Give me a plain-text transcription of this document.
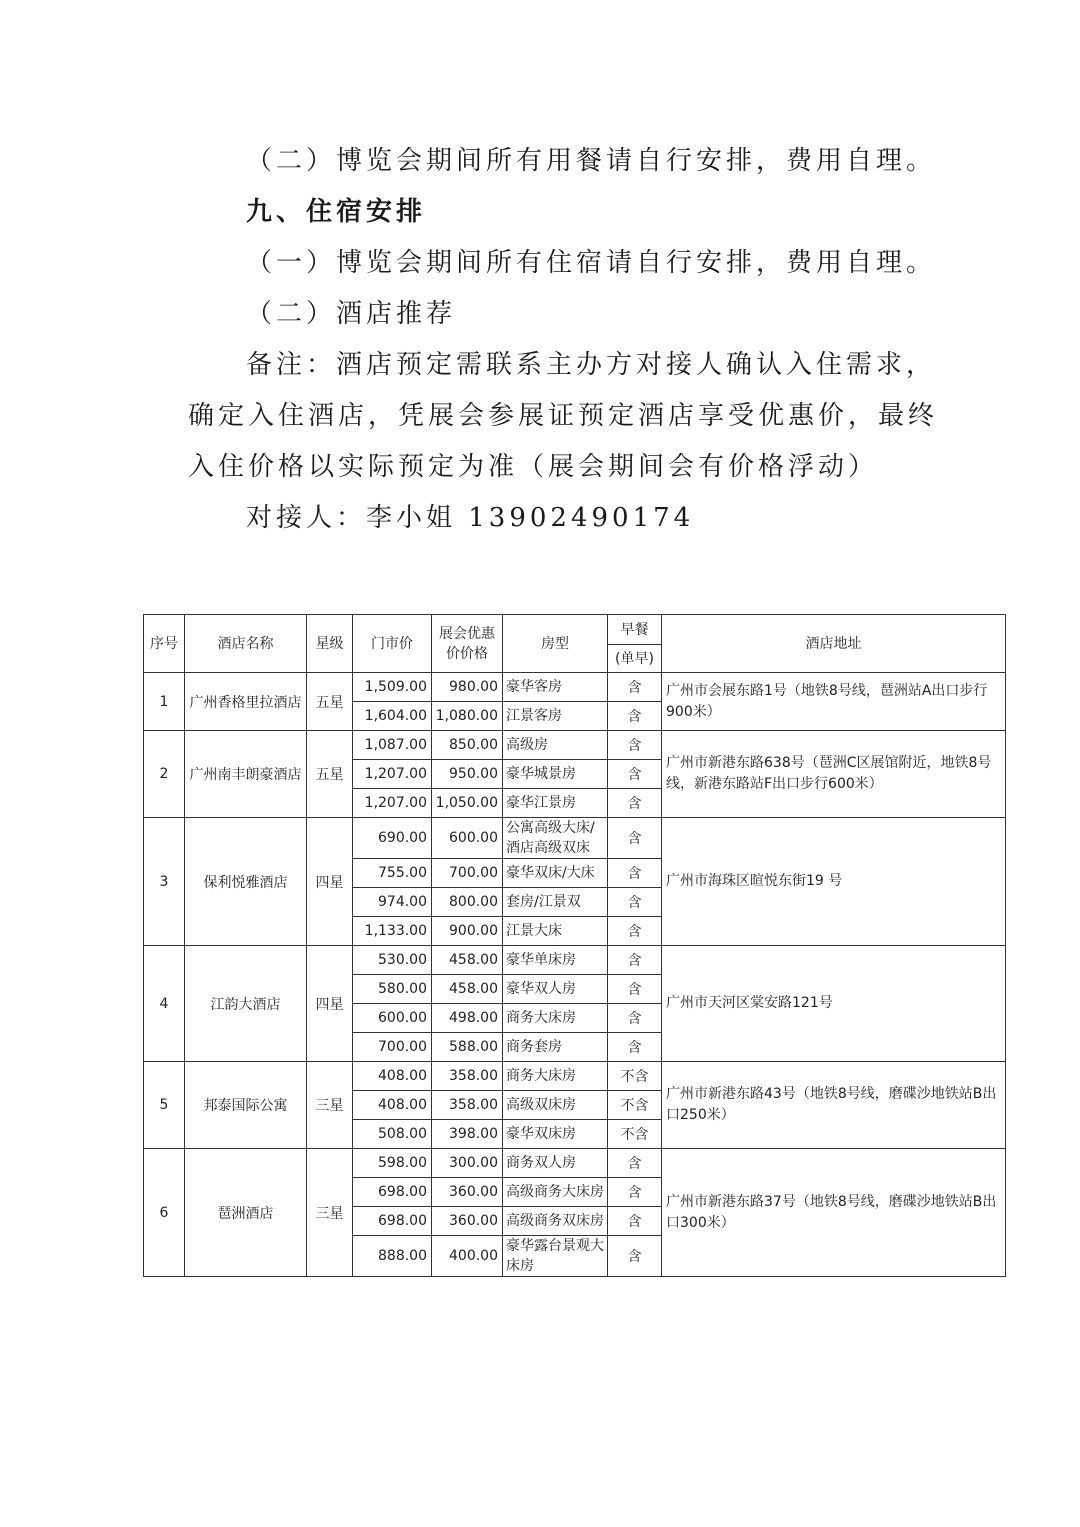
（二）博览会期间所有用餐请自行安排，费用自理。
九、住宿安排
（一）博览会期间所有住宿请自行安排，费用自理。
（二）酒店推荐
备注：酒店预定需联系主办方对接人确认入住需求，
确定入住酒店，凭展会参展证预定酒店享受优惠价，最终
入住价格以实际预定为准（展会期间会有价格浮动）
对接人：李小姐 13902490174
序号	酒店名称	星级	门市价	展会优惠价价格	房型	早餐	酒店地址
						(单早)	
1	广州香格里拉酒店	五星	1,509.00	980.00	豪华客房	含	广州市会展东路1号（地铁8号线，琶洲站A出口步行900米）
			1,604.00	1,080.00	江景客房	含	
2	广州南丰朗豪酒店	五星	1,087.00	850.00	高级房	含	广州市新港东路638号（琶洲C区展馆附近，地铁8号线，新港东路站F出口步行600米）
			1,207.00	950.00	豪华城景房	含	
			1,207.00	1,050.00	豪华江景房	含	
3	保利悦雅酒店	四星	690.00	600.00	公寓高级大床/酒店高级双床	含	广州市海珠区暄悦东街19 号
			755.00	700.00	豪华双床/大床	含	
			974.00	800.00	套房/江景双	含	
			1,133.00	900.00	江景大床	含	
4	江韵大酒店	四星	530.00	458.00	豪华单床房	含	广州市天河区棠安路121号
			580.00	458.00	豪华双人房	含	
			600.00	498.00	商务大床房	含	
			700.00	588.00	商务套房	含	
5	邦泰国际公寓	三星	408.00	358.00	商务大床房	不含	广州市新港东路43号（地铁8号线，磨碟沙地铁站B出口250米）
			408.00	358.00	高级双床房	不含	
			508.00	398.00	豪华双床房	不含	
6	琶洲酒店	三星	598.00	300.00	商务双人房	含	广州市新港东路37号（地铁8号线，磨碟沙地铁站B出口300米）
			698.00	360.00	高级商务大床房	含	
			698.00	360.00	高级商务双床房	含	
			888.00	400.00	豪华露台景观大床房	含	
